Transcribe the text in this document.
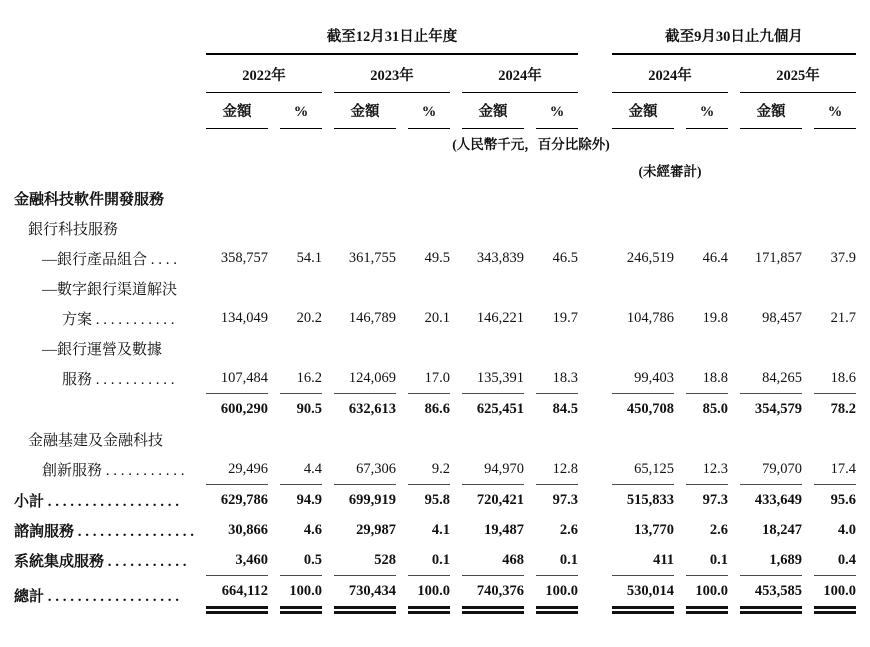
	截至12月31日止年度							截至9月30日止九個月			
	2022年		2023年		2024年			2024年		2025年	
	金額	%	金額	%	金額	%		金額	%	金額	%
	(人民幣千元，百分比除外)										
								(未經審計)			
金融科技軟件開發服務											
銀行科技服務											
—銀行產品組合 . . . .	358,757	54.1	361,755	49.5	343,839	46.5		246,519	46.4	171,857	37.9
—數字銀行渠道解決											
方案 . . . . . . . . . . .	134,049	20.2	146,789	20.1	146,221	19.7		104,786	19.8	98,457	21.7
—銀行運營及數據											
服務 . . . . . . . . . . .	107,484	16.2	124,069	17.0	135,391	18.3		99,403	18.8	84,265	18.6
	600,290	90.5	632,613	86.6	625,451	84.5		450,708	85.0	354,579	78.2
金融基建及金融科技											
創新服務 . . . . . . . . . . .	29,496	4.4	67,306	9.2	94,970	12.8		65,125	12.3	79,070	17.4
小計 . . . . . . . . . . . . . . . . . .	629,786	94.9	699,919	95.8	720,421	97.3		515,833	97.3	433,649	95.6
諮詢服務 . . . . . . . . . . . . . . . .	30,866	4.6	29,987	4.1	19,487	2.6		13,770	2.6	18,247	4.0
系統集成服務 . . . . . . . . . . .	3,460	0.5	528	0.1	468	0.1		411	0.1	1,689	0.4
總計 . . . . . . . . . . . . . . . . . .	664,112	100.0	730,434	100.0	740,376	100.0		530,014	100.0	453,585	100.0
